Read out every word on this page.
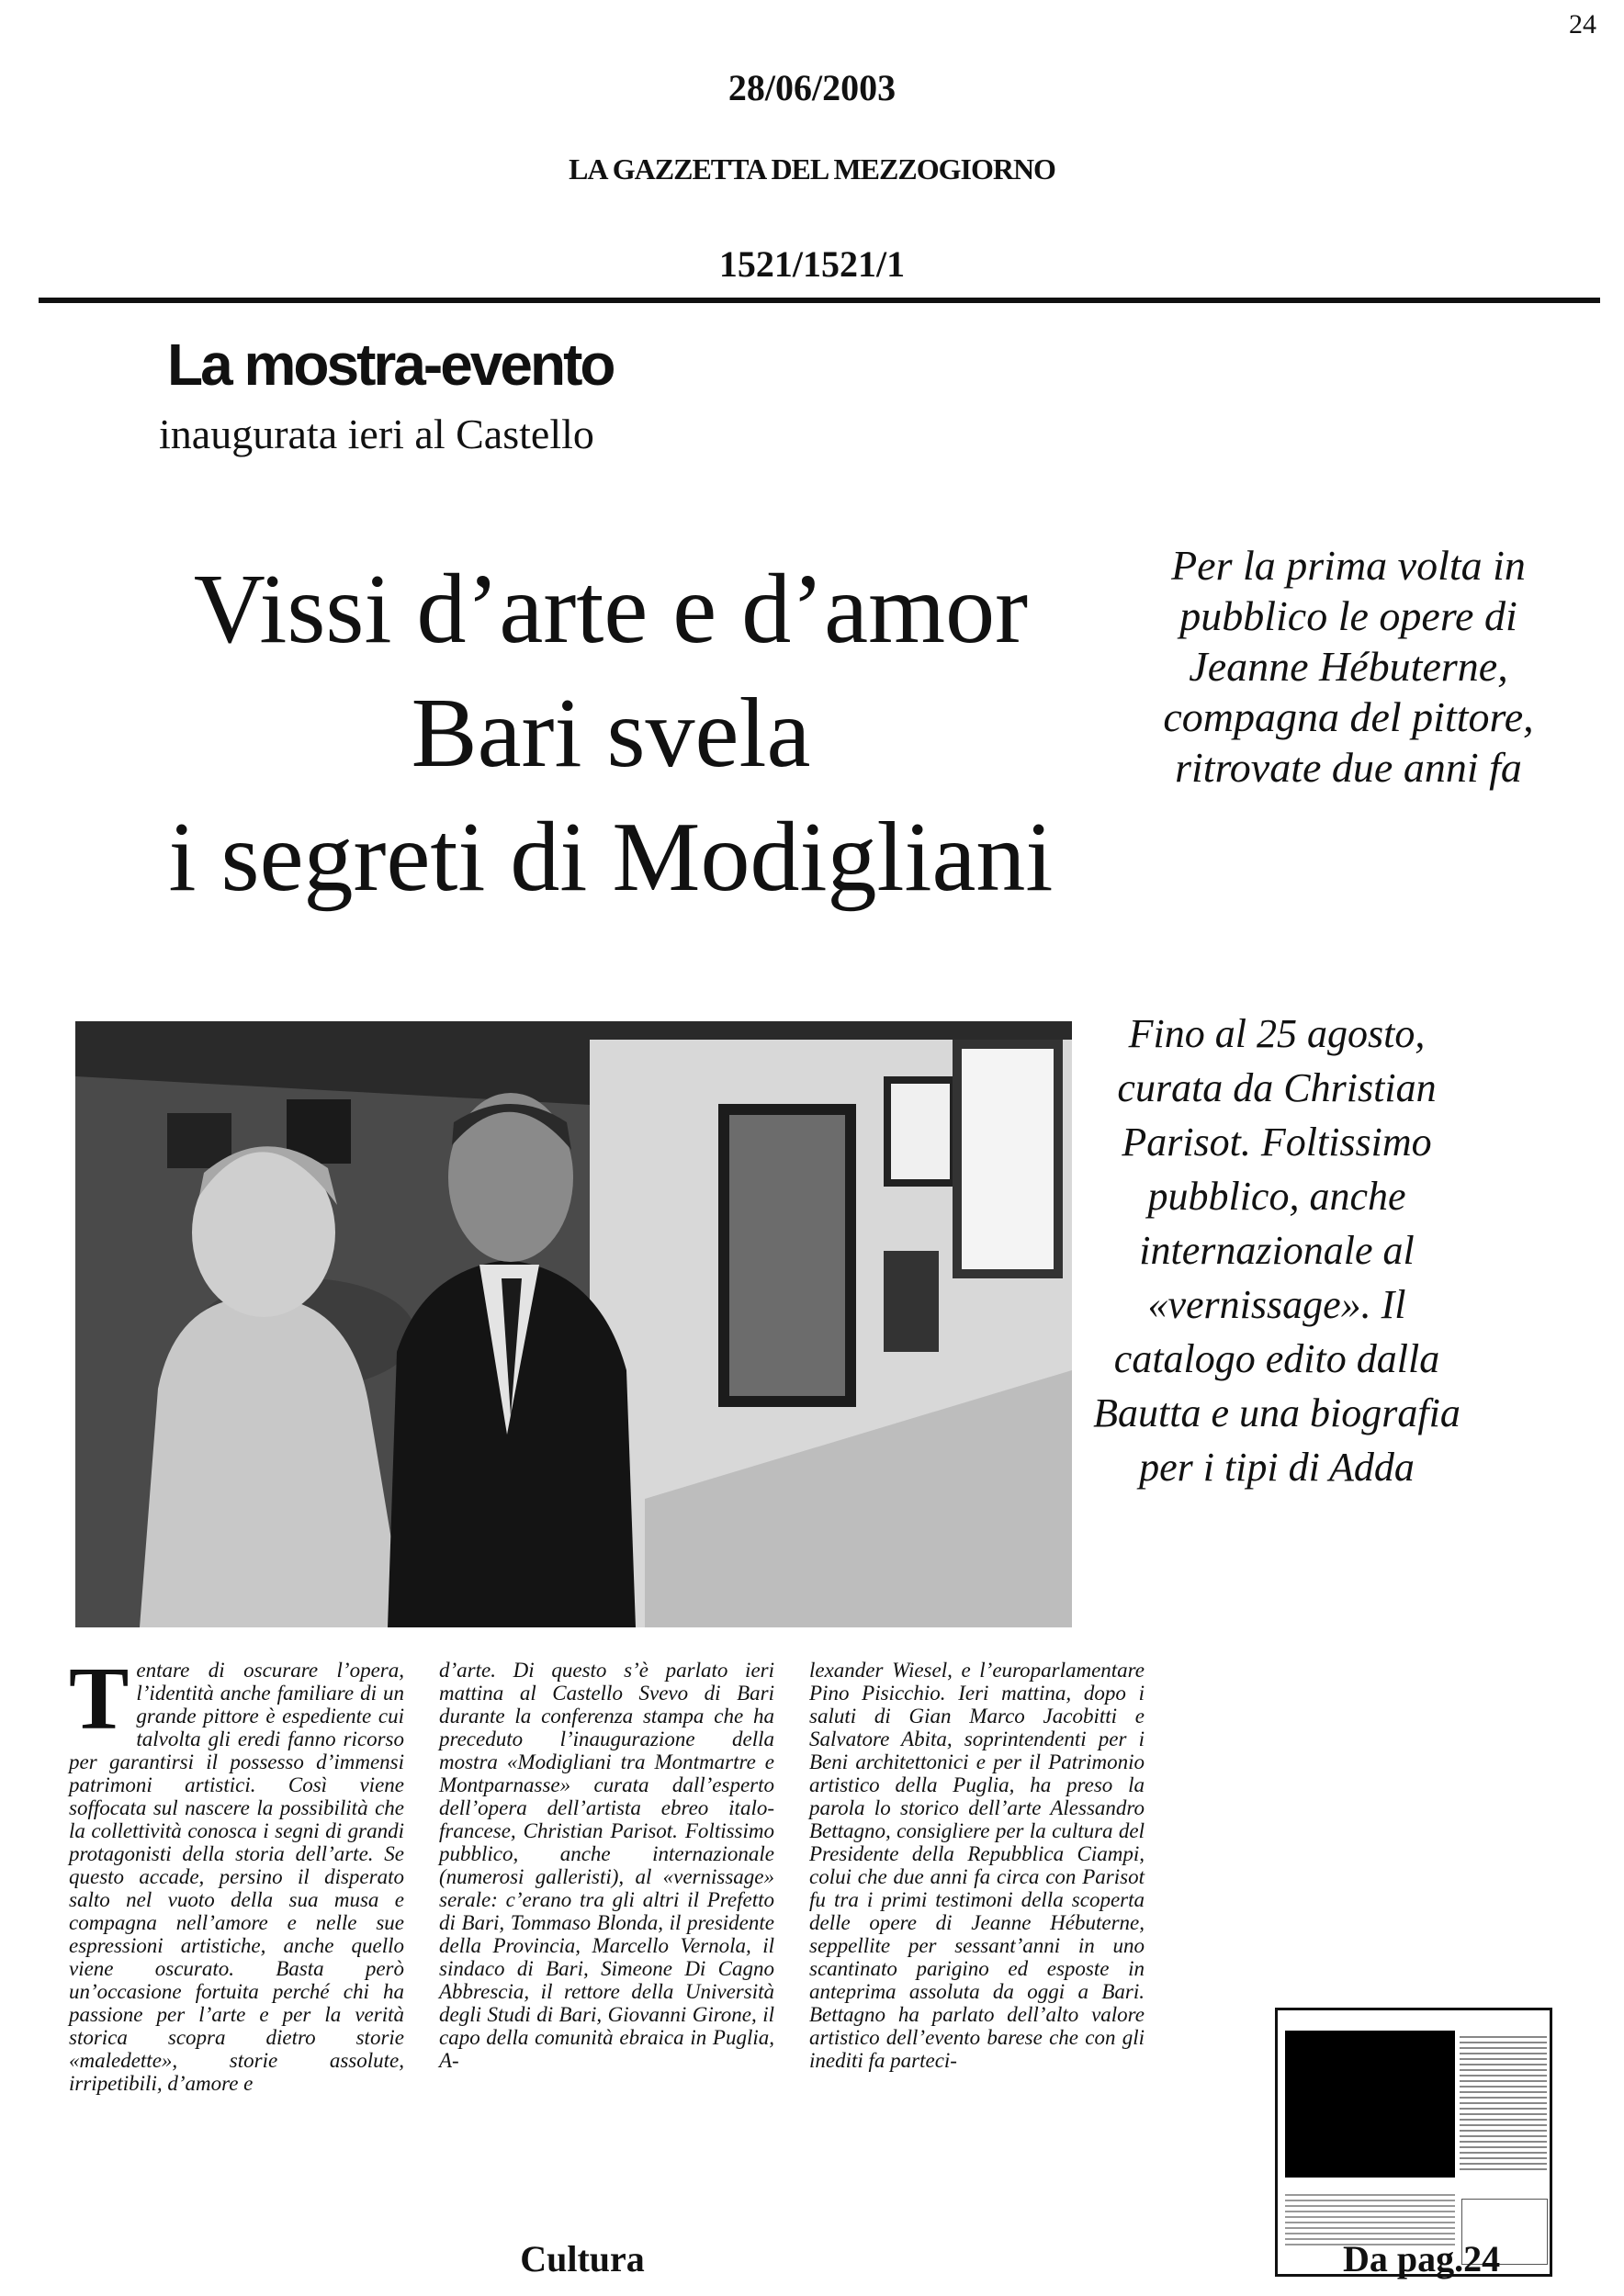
24
28/06/2003
LA GAZZETTA DEL MEZZOGIORNO
1521/1521/1
La mostra-evento
inaugurata ieri al Castello
Vissi d’arte e d’amor
Bari svela
i segreti di Modigliani
Per la prima volta in pubblico le opere di Jeanne Hébuterne, compagna del pittore, ritrovate due anni fa
Fino al 25 agosto, curata da Christian Parisot. Foltissimo pubblico, anche internazionale al «vernissage». Il catalogo edito dalla Bautta e una biografia per i tipi di Adda
T entare di oscurare l’opera, l’identità anche familiare di un grande pittore è espediente cui talvolta gli eredi fanno ricorso per garantirsi il possesso d’immensi patrimoni artistici. Così viene soffocata sul nascere la possibilità che la collettività conosca i segni di grandi protagonisti della storia dell’arte. Se questo accade, persino il disperato salto nel vuoto della sua musa e compagna nell’amore e nelle sue espressioni artistiche, anche quello viene oscurato. Basta però un’occasione fortuita perché chi ha passione per l’arte e per la verità storica scopra dietro storie «maledette», storie assolute, irripetibili, d’amore e
d’arte. Di questo s’è parlato ieri mattina al Castello Svevo di Bari durante la conferenza stampa che ha preceduto l’inaugurazione della mostra «Modigliani tra Montmartre e Montparnasse» curata dall’esperto dell’opera dell’artista ebreo italo-francese, Christian Parisot. Foltissimo pubblico, anche internazionale (numerosi galleristi), al «vernissage» serale: c’erano tra gli altri il Prefetto di Bari, Tommaso Blonda, il presidente della Provincia, Marcello Vernola, il sindaco di Bari, Simeone Di Cagno Abbrescia, il rettore della Università degli Studi di Bari, Giovanni Girone, il capo della comunità ebraica in Puglia, A-
lexander Wiesel, e l’europarlamentare Pino Pisicchio. Ieri mattina, dopo i saluti di Gian Marco Jacobitti e Salvatore Abita, soprintendenti per i Beni architettonici e per il Patrimonio artistico della Puglia, ha preso la parola lo storico dell’arte Alessandro Bettagno, consigliere per la cultura del Presidente della Repubblica Ciampi, colui che due anni fa circa con Parisot fu tra i primi testimoni della scoperta delle opere di Jeanne Hébuterne, seppellite per sessant’anni in uno scantinato parigino ed esposte in anteprima assoluta da oggi a Bari. Bettagno ha parlato dell’alto valore artistico dell’evento barese che con gli inediti fa parteci-
Cultura	Da pag.24
